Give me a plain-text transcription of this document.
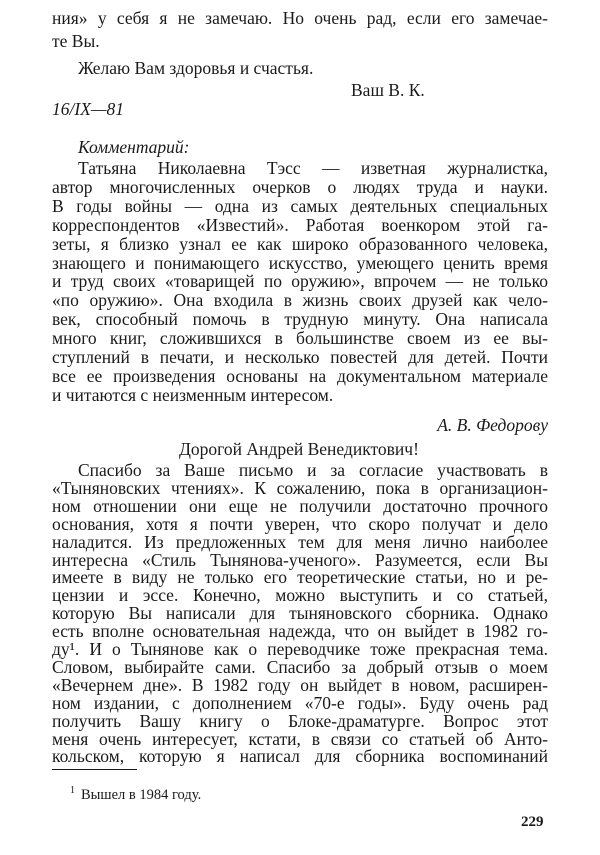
ния» у себя я не замечаю. Но очень рад, если его замечае-
те Вы.
Желаю Вам здоровья и счастья.
Ваш В. К.
16/IX—81
Комментарий:
Татьяна Николаевна Тэсс — изветная журналистка,
автор многочисленных очерков о людях труда и науки.
В годы войны — одна из самых деятельных специальных
корреспондентов «Известий». Работая военкором этой га-
зеты, я близко узнал ее как широко образованного человека,
знающего и понимающего искусство, умеющего ценить время
и труд своих «товарищей по оружию», впрочем — не только
«по оружию». Она входила в жизнь своих друзей как чело-
век, способный помочь в трудную минуту. Она написала
много книг, сложившихся в большинстве своем из ее вы-
ступлений в печати, и несколько повестей для детей. Почти
все ее произведения основаны на документальном материале
и читаются с неизменным интересом.
А. В. Федорову
Дорогой Андрей Венедиктович!
Спасибо за Ваше письмо и за согласие участвовать в
«Тыняновских чтениях». К сожалению, пока в организацион-
ном отношении они еще не получили достаточно прочного
основания, хотя я почти уверен, что скоро получат и дело
наладится. Из предложенных тем для меня лично наиболее
интересна «Стиль Тынянова-ученого». Разумеется, если Вы
имеете в виду не только его теоретические статьи, но и ре-
цензии и эссе. Конечно, можно выступить и со статьей,
которую Вы написали для тыняновского сборника. Однако
есть вполне основательная надежда, что он выйдет в 1982 го-
ду¹. И о Тынянове как о переводчике тоже прекрасная тема.
Словом, выбирайте сами. Спасибо за добрый отзыв о моем
«Вечернем дне». В 1982 году он выйдет в новом, расширен-
ном издании, с дополнением «70-е годы». Буду очень рад
получить Вашу книгу о Блоке-драматурге. Вопрос этот
меня очень интересует, кстати, в связи со статьей об Анто-
кольском, которую я написал для сборника воспоминаний
$^1$ Вышел в 1984 году.
229
